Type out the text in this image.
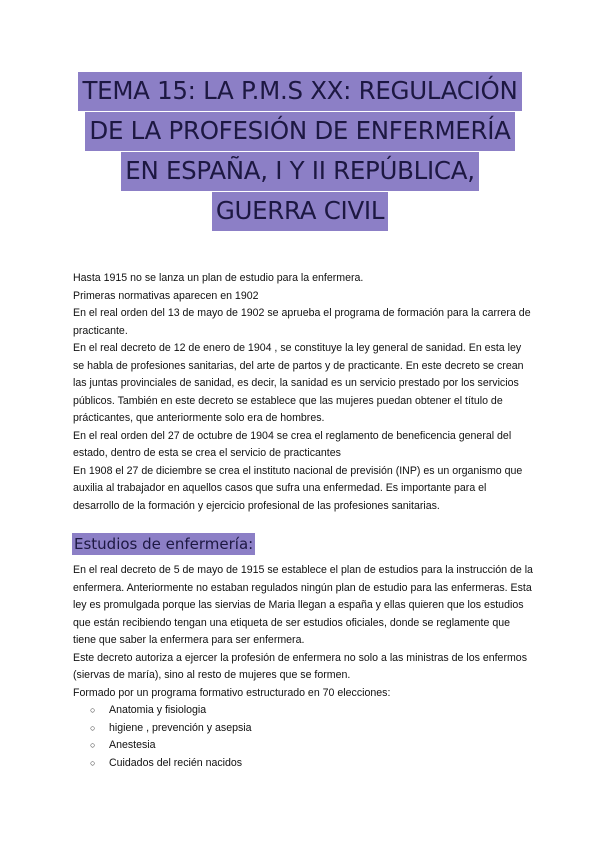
TEMA 15: LA P.M.S XX: REGULACIÓN
DE LA PROFESIÓN DE ENFERMERÍA
EN ESPAÑA, I Y II REPÚBLICA,
GUERRA CIVIL

Hasta 1915 no se lanza un plan de estudio para la enfermera.

Primeras normativas aparecen en 1902

En el real orden del 13 de mayo de 1902 se aprueba el programa de formación para la carrera de practicante.

En el real decreto de 12 de enero de 1904 , se constituye la ley general de sanidad. En esta ley se habla de profesiones sanitarias, del arte de partos y de practicante. En este decreto se crean las juntas provinciales de sanidad, es decir, la sanidad es un servicio prestado por los servicios públicos. También en este decreto se establece que las mujeres puedan obtener el título de prácticantes, que anteriormente solo era de hombres.

En el real orden del 27 de octubre de 1904 se crea el reglamento de beneficencia general del estado, dentro de esta se crea el servicio de practicantes

En 1908 el 27 de diciembre se crea el instituto nacional de previsión (INP) es un organismo que auxilia al trabajador en aquellos casos que sufra una enfermedad. Es importante para el desarrollo de la formación y ejercicio profesional de las profesiones sanitarias.

Estudios de enfermería:

En el real decreto de 5 de mayo de 1915 se establece el plan de estudios para la instrucción de la enfermera. Anteriormente no estaban regulados ningún plan de estudio para las enfermeras. Esta ley es promulgada porque las siervias de Maria llegan a españa y ellas quieren que los estudios que están recibiendo tengan una etiqueta de ser estudios oficiales, donde se reglamente que tiene que saber la enfermera para ser enfermera.

Este decreto autoriza a ejercer la profesión de enfermera no solo a las ministras de los enfermos (siervas de maría), sino al resto de mujeres que se formen.

Formado por un programa formativo estructurado en 70 elecciones:

○ Anatomia y fisiologia
○ higiene , prevención y asepsia
○ Anestesia
○ Cuidados del recién nacidos
